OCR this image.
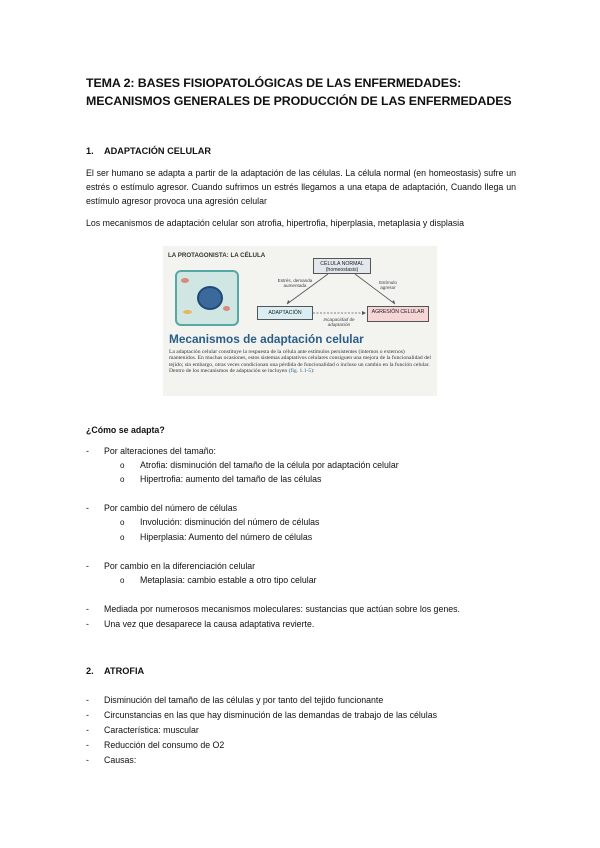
TEMA 2: BASES FISIOPATOLÓGICAS DE LAS ENFERMEDADES:
MECANISMOS GENERALES DE PRODUCCIÓN DE LAS ENFERMEDADES
1. ADAPTACIÓN CELULAR
El ser humano se adapta a partir de la adaptación de las células. La célula normal (en homeostasis) sufre un estrés o estímulo agresor. Cuando sufrimos un estrés llegamos a una etapa de adaptación, Cuando llega un estímulo agresor provoca una agresión celular
Los mecanismos de adaptación celular son atrofia, hipertrofia, hiperplasia, metaplasia y displasia
LA PROTAGONISTA: LA CÉLULA
CÉLULA NORMAL (homeostasis)
Estrés, demanda aumentada
Estímulo agresor
ADAPTACIÓN	AGRESIÓN CELULAR
Incapacidad de adaptación
Mecanismos de adaptación celular
La adaptación celular constituye la respuesta de la célula ante estímulos persistentes (internos o externos) mantenidos. En muchas ocasiones, estos sistemas adaptativos celulares consiguen una mejora de la funcionalidad del tejido; sin embargo, otras veces condicionan una pérdida de funcionalidad o incluso un cambio en la función celular. Dentro de los mecanismos de adaptación se incluyen (fig. 1.1-5):
¿Cómo se adapta?
- Por alteraciones del tamaño:
o Atrofia: disminución del tamaño de la célula por adaptación celular
o Hipertrofia: aumento del tamaño de las células
- Por cambio del número de células
o Involución: disminución del número de células
o Hiperplasia: Aumento del número de células
- Por cambio en la diferenciación celular
o Metaplasia: cambio estable a otro tipo celular
- Mediada por numerosos mecanismos moleculares: sustancias que actúan sobre los genes.
- Una vez que desaparece la causa adaptativa revierte.
2. ATROFIA
- Disminución del tamaño de las células y por tanto del tejido funcionante
- Circunstancias en las que hay disminución de las demandas de trabajo de las células
- Característica: muscular
- Reducción del consumo de O2
- Causas:
